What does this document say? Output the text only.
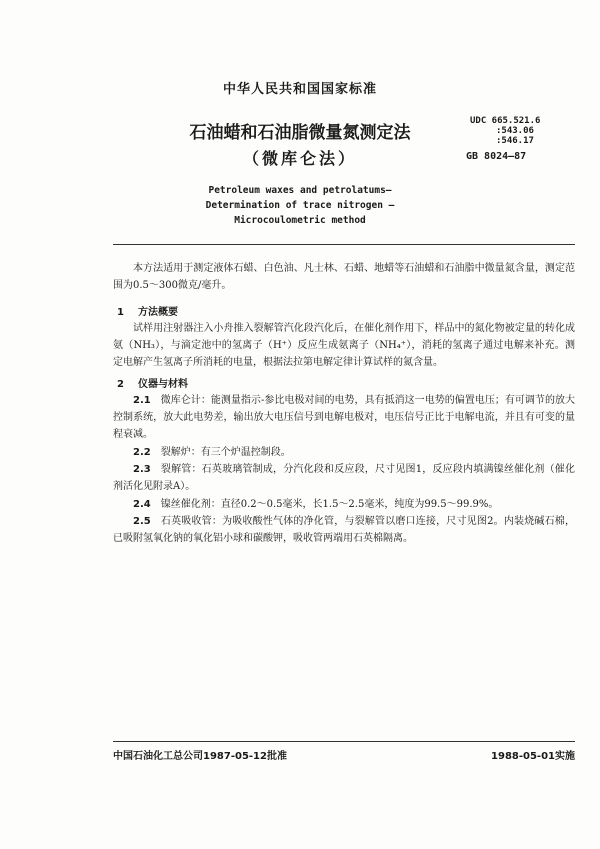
中华人民共和国国家标准
石油蜡和石油脂微量氮测定法
（微库仑法）
UDC 665.521.6
:543.06
:546.17
GB 8024—87
Petroleum waxes and petrolatums—
Determination of trace nitrogen —
Microcoulometric method
本方法适用于测定液体石蜡、白色油、凡士林、石蜡、地蜡等石油蜡和石油脂中微量氮含量，测定范围为0.5～300微克/毫升。
1 方法概要
试样用注射器注入小舟推入裂解管汽化段汽化后，在催化剂作用下，样品中的氮化物被定量的转化成氨（NH₃），与滴定池中的氢离子（H⁺）反应生成氨离子（NH₄⁺），消耗的氢离子通过电解来补充。测定电解产生氢离子所消耗的电量，根据法拉第电解定律计算试样的氮含量。
2 仪器与材料
2.1 微库仑计：能测量指示-参比电极对间的电势，具有抵消这一电势的偏置电压；有可调节的放大控制系统，放大此电势差，输出放大电压信号到电解电极对，电压信号正比于电解电流，并且有可变的量程衰减。
2.2 裂解炉：有三个炉温控制段。
2.3 裂解管：石英玻璃管制成，分汽化段和反应段，尺寸见图1，反应段内填满镍丝催化剂（催化剂活化见附录A）。
2.4 镍丝催化剂：直径0.2～0.5毫米，长1.5～2.5毫米，纯度为99.5～99.9%。
2.5 石英吸收管：为吸收酸性气体的净化管，与裂解管以磨口连接，尺寸见图2。内装烧碱石棉，已吸附氢氧化钠的氧化铝小球和碳酸钾，吸收管两端用石英棉隔离。
中国石油化工总公司1987-05-12批准	1988-05-01实施
